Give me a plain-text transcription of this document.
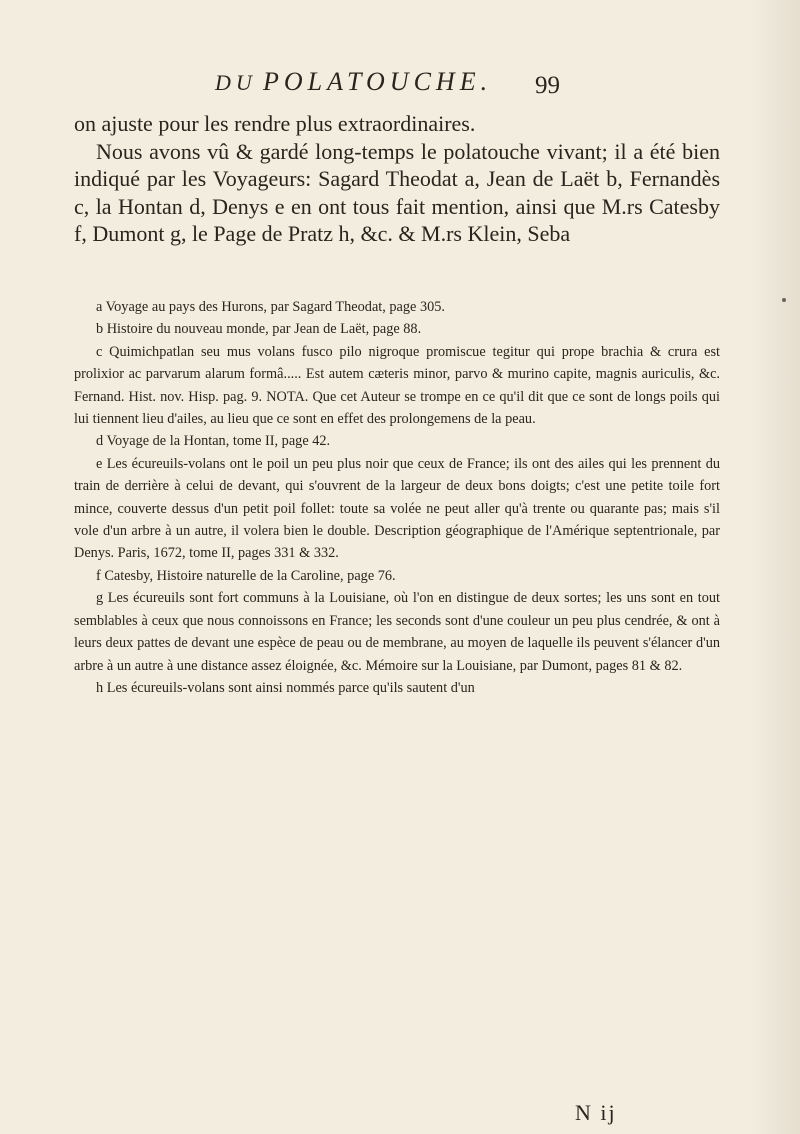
DU POLATOUCHE. 99

on ajuste pour les rendre plus extraordinaires.

Nous avons vû & gardé long-temps le polatouche vivant; il a été bien indiqué par les Voyageurs: Sagard Theodat a, Jean de Laët b, Fernandès c, la Hontan d, Denys e en ont tous fait mention, ainsi que M.rs Catesby f, Dumont g, le Page de Pratz h, &c. & M.rs Klein, Seba

a Voyage au pays des Hurons, par Sagard Theodat, page 305.

b Histoire du nouveau monde, par Jean de Laët, page 88.

c Quimichpatlan seu mus volans fusco pilo nigroque promiscue tegitur qui prope brachia & crura est prolixior ac parvarum alarum formâ..... Est autem cæteris minor, parvo & murino capite, magnis auriculis, &c. Fernand. Hist. nov. Hisp. pag. 9. NOTA. Que cet Auteur se trompe en ce qu'il dit que ce sont de longs poils qui lui tiennent lieu d'ailes, au lieu que ce sont en effet des prolongemens de la peau.

d Voyage de la Hontan, tome II, page 42.

e Les écureuils-volans ont le poil un peu plus noir que ceux de France; ils ont des ailes qui les prennent du train de derrière à celui de devant, qui s'ouvrent de la largeur de deux bons doigts; c'est une petite toile fort mince, couverte dessus d'un petit poil follet: toute sa volée ne peut aller qu'à trente ou quarante pas; mais s'il vole d'un arbre à un autre, il volera bien le double. Description géographique de l'Amérique septentrionale, par Denys. Paris, 1672, tome II, pages 331 & 332.

f Catesby, Histoire naturelle de la Caroline, page 76.

g Les écureuils sont fort communs à la Louisiane, où l'on en distingue de deux sortes; les uns sont en tout semblables à ceux que nous connoissons en France; les seconds sont d'une couleur un peu plus cendrée, & ont à leurs deux pattes de devant une espèce de peau ou de membrane, au moyen de laquelle ils peuvent s'élancer d'un arbre à un autre à une distance assez éloignée, &c. Mémoire sur la Louisiane, par Dumont, pages 81 & 82.

h Les écureuils-volans sont ainsi nommés parce qu'ils sautent d'un

N ij
